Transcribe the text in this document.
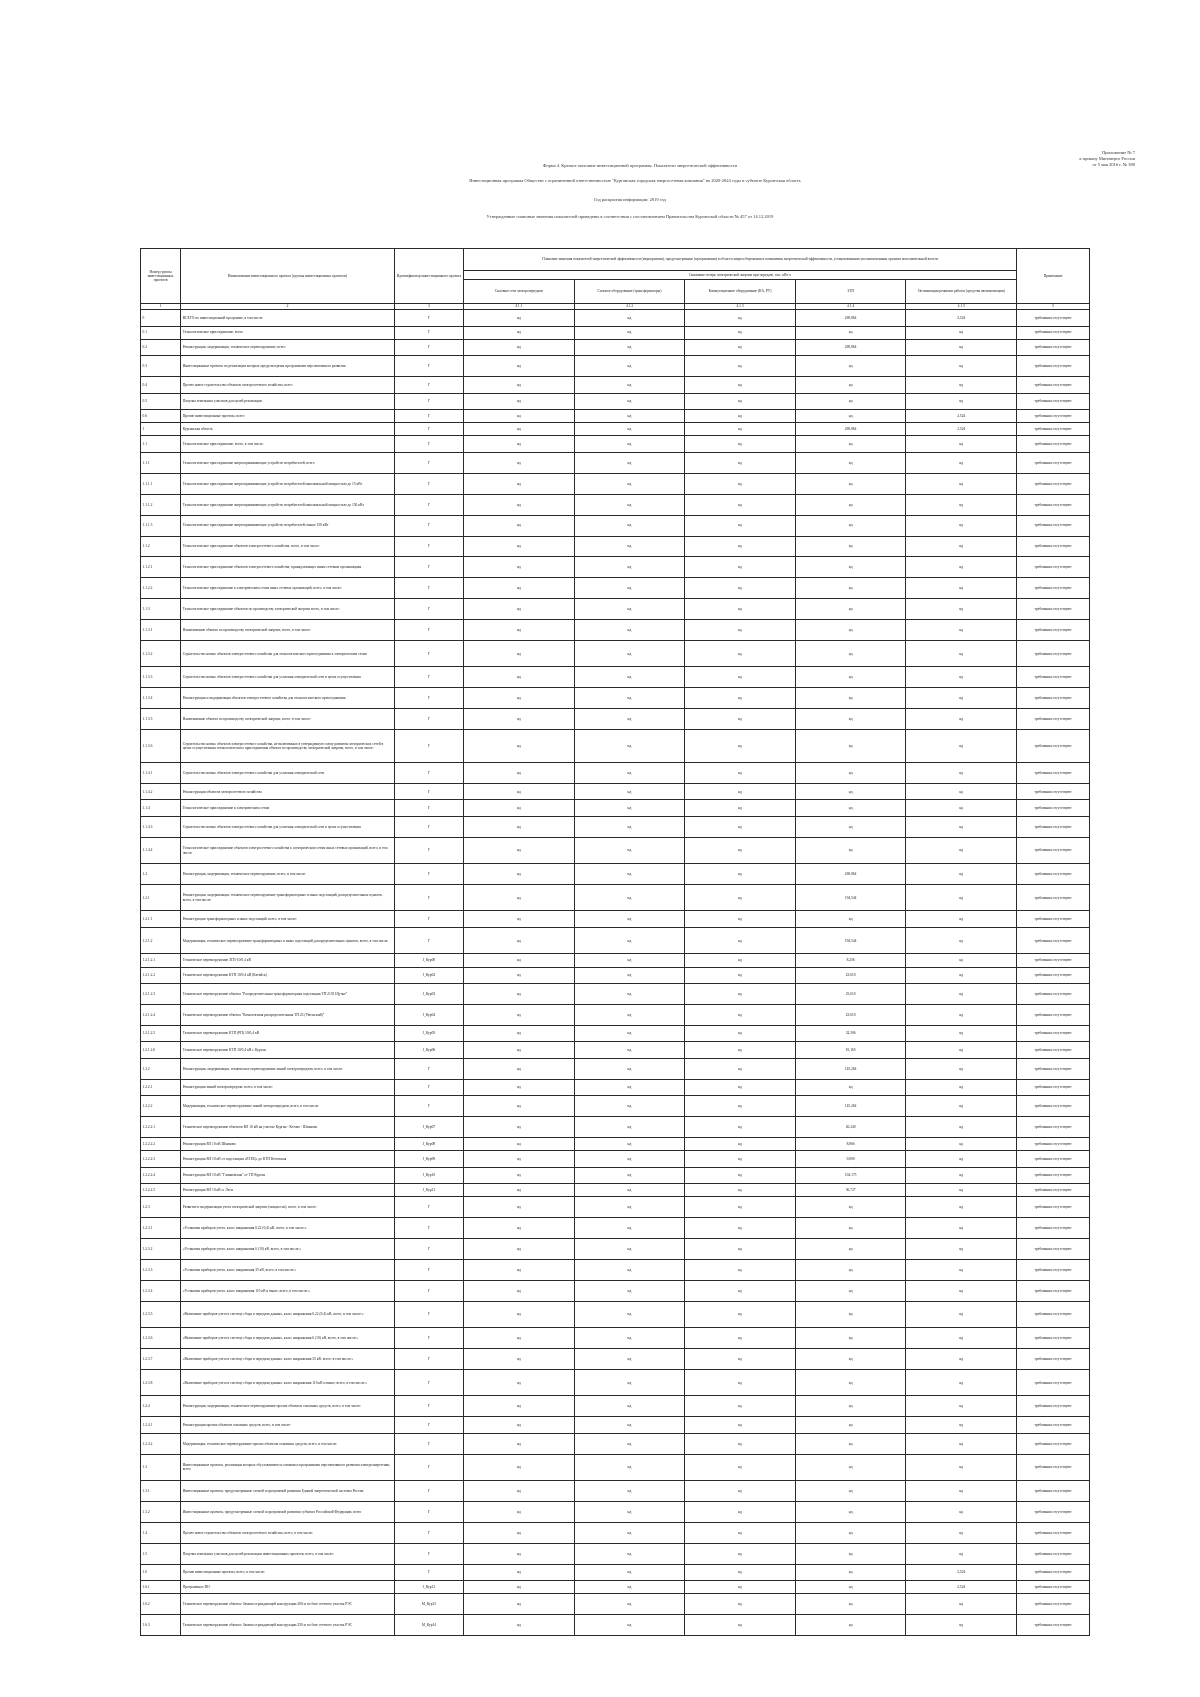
Приложение № 7
к приказу Минэнерго России
от 5 мая 2016 г. № 380
Форма 4. Краткое описание инвестиционной программы. Показатели энергетической эффективности
Инвестиционная программа Общество с ограниченной ответственностью "Курганская городская энергосетевая компания" на 2020-2024 годы в субъекте Курганская область
Год раскрытия информации: 2019 год
Утвержденные плановые значения показателей приведены в соответствии с постановлением Правительства Курганской области № 457 от 14.12.2019
Номер группы инвестиционных проектов	Наименование инвестиционного проекта (группы инвестиционных проектов)	Идентификатор инвестиционного проекта	Плановые значения показателей энергетической эффективности (мероприятия), предусмотренные (программами) в области энергосбережения и повышения энергетической эффективности, установленными уполномоченным органом исполнительной власти					Примечание
			Снижение потерь электрической энергии при передаче, тыс. кВт·ч					
			Силовые сети электропередачи	Силовое оборудование (трансформаторы)	Коммутационное оборудование (КА, РУ)	ЗТП	Оптимизация режимов работы (средства автоматизации)	
1	2	3	4.1.1	4.1.2	4.1.3	4.1.4	4.1.5	5
0	ВСЕГО по инвестиционной программе, в том числе:	Г	нд	нд	нд	269,864	2,524	требования отсутствуют
0.1	Технологическое присоединение, всего	Г	нд	нд	нд	нд	нд	требования отсутствуют
0.2	Реконструкция, модернизация, техническое перевооружение, всего	Г	нд	нд	нд	269,864	нд	требования отсутствуют
0.3	Инвестиционные проекты по реализации которых предусмотрены программами перспективного развития	Г	нд	нд	нд	нд	нд	требования отсутствуют
0.4	Прочее новое строительство объектов электросетевого хозяйства, всего	Г	нд	нд	нд	нд	нд	требования отсутствуют
0.5	Покупка земельных участков для целей реализации	Г	нд	нд	нд	нд	нд	требования отсутствуют
0.6	Прочие инвестиционные проекты, всего	Г	нд	нд	нд	нд	2,524	требования отсутствуют
1	Курганская область	Г	нд	нд	нд	269,864	2,524	требования отсутствуют
1.1	Технологическое присоединение, всего, в том числе:	Г	нд	нд	нд	нд	нд	требования отсутствуют
1.1.1	Технологическое присоединение энергопринимающих устройств потребителей, всего	Г	нд	нд	нд	нд	нд	требования отсутствуют
1.1.1.1	Технологическое присоединение энергопринимающих устройств потребителей максимальной мощностью до 15 кВт	Г	нд	нд	нд	нд	нд	требования отсутствуют
1.1.1.2	Технологическое присоединение энергопринимающих устройств потребителей максимальной мощностью до 150 кВт	Г	нд	нд	нд	нд	нд	требования отсутствуют
1.1.1.3	Технологическое присоединение энергопринимающих устройств потребителей свыше 150 кВт	Г	нд	нд	нд	нд	нд	требования отсутствуют
1.1.2	Технологическое присоединение объектов электросетевого хозяйства, всего, в том числе:	Г	нд	нд	нд	нд	нд	требования отсутствуют
1.1.2.1	Технологическое присоединение объектов электросетевого хозяйства, принадлежащих иным сетевым организациям	Г	нд	нд	нд	нд	нд	требования отсутствуют
1.1.2.2	Технологическое присоединение к электрическим сетям иных сетевых организаций, всего, в том числе:	Г	нд	нд	нд	нд	нд	требования отсутствуют
1.1.3	Технологическое присоединение объектов по производству электрической энергии всего, в том числе:	Г	нд	нд	нд	нд	нд	требования отсутствуют
1.1.3.1	Наименование объекта по производству электрической энергии, всего, в том числе:	Г	нд	нд	нд	нд	нд	требования отсутствуют
1.1.3.2	Строительство новых объектов электросетевого хозяйства для технологического присоединения к электрическим сетям	Г	нд	нд	нд	нд	нд	требования отсутствуют
1.1.3.3	Строительство новых объектов электросетевого хозяйства для усиления электрической сети в целях осуществления	Г	нд	нд	нд	нд	нд	требования отсутствуют
1.1.3.4	Реконструкция и модернизация объектов электросетевого хозяйства для технологического присоединения	Г	нд	нд	нд	нд	нд	требования отсутствуют
1.1.3.5	Наименование объекта по производству электрической энергии, всего, в том числе:	Г	нд	нд	нд	нд	нд	требования отсутствуют
1.1.3.6	Строительство новых объектов электросетевого хозяйства, не включенных в утвержденную схему развития электрических сетей в целях осуществления технологического присоединения объекта по производству электрической энергии, всего, в том числе:	Г	нд	нд	нд	нд	нд	требования отсутствуют
1.1.4.1	Строительство новых объектов электросетевого хозяйства для усиления электрической сети	Г	нд	нд	нд	нд	нд	требования отсутствуют
1.1.4.2	Реконструкция объектов электросетевого хозяйства	Г	нд	нд	нд	нд	нд	требования отсутствуют
1.1.4	Технологическое присоединение к электрическим сетям	Г	нд	нд	нд	нд	нд	требования отсутствуют
1.1.4.3	Строительство новых объектов электросетевого хозяйства для усиления электрической сети в целях осуществления	Г	нд	нд	нд	нд	нд	требования отсутствуют
1.1.4.4	Технологическое присоединение объектов электросетевого хозяйства к электрическим сетям иных сетевых организаций, всего, в том числе:	Г	нд	нд	нд	нд	нд	требования отсутствуют
1.2	Реконструкция, модернизация, техническое перевооружение, всего, в том числе:	Г	нд	нд	нд	269,864	нд	требования отсутствуют
1.2.1	Реконструкция, модернизация, техническое перевооружение трансформаторных и иных подстанций, распределительных пунктов, всего, в том числе:	Г	нд	нд	нд	194,544	нд	требования отсутствуют
1.2.1.1	Реконструкция трансформаторных и иных подстанций, всего, в том числе:	Г	нд	нд	нд	нд	нд	требования отсутствуют
1.2.1.2	Модернизация, техническое перевооружение трансформаторных и иных подстанций, распределительных пунктов, всего, в том числе:	Г	нд	нд	нд	194,544	нд	требования отсутствуют
1.2.1.2.1	Техническое перевооружение ЗТП-10/0,4 кВ	J_Кур00	нд	нд	нд	8,256	нд	требования отсутствуют
1.2.1.2.2	Техническое перевооружение КТП 10/0,4 кВ (Катайск)	J_Кур02	нд	нд	нд	23,610	нд	требования отсутствуют
1.2.1.2.3	Техническое перевооружение объекта "Распределительная трансформаторная подстанция ТП 2135 Щучье"	J_Кур03	нд	нд	нд	25,610	нд	требования отсутствуют
1.2.1.2.4	Техническое перевооружение объекта "Комплектная распределительная ТП 23 (Увельский)"	J_Кур04	нд	нд	нд	23,610	нд	требования отсутствуют
1.2.1.2.5	Техническое перевооружение КТП (РП) 10/0,4 кВ	J_Кур05	нд	нд	нд	32,396	нд	требования отсутствуют
1.2.1.2.6	Техническое перевооружение КТП 10/0,4 кВ г. Курган	J_Кур06	нд	нд	нд	81,165	нд	требования отсутствуют
1.2.2	Реконструкция, модернизация, техническое перевооружение линий электропередачи, всего, в том числе:	Г	нд	нд	нд	145,264	нд	требования отсутствуют
1.2.2.1	Реконструкция линий электропередачи, всего, в том числе:	Г	нд	нд	нд	нд	нд	требования отсутствуют
1.2.2.2	Модернизация, техническое перевооружение линий электропередачи, всего, в том числе:	Г	нд	нд	нд	145,264	нд	требования отсутствуют
1.2.2.2.1	Техническое перевооружение объектов ВЛ 10 кВ на участке Курган - Кетово - Шмаково	J_Кур07	нд	нд	нд	26,240	нд	требования отсутствуют
1.2.2.2.2	Реконструкция ВЛ 10 кВ Шмаково	J_Кур08	нд	нд	нд	8,866	нд	требования отсутствуют
1.2.2.2.3	Реконструкция ВЛ 10 кВ от подстанции «ЕТЕЦ» до КТП Кетовская	J_Кур09	нд	нд	нд	0,000	нд	требования отсутствуют
1.2.2.2.4	Реконструкция ВЛ 10 кВ "Глинковская" от ТП Курган	J_Кур10	нд	нд	нд	104,175	нд	требования отсутствуют
1.2.2.2.5	Реконструкция ВЛ 10 кВ п. Лесн	J_Кур11	нд	нд	нд	36,727	нд	требования отсутствуют
1.2.3	Развитие и модернизация учета электрической энергии (мощности), всего, в том числе:	Г	нд	нд	нд	нд	нд	требования отсутствуют
1.2.3.1	«Установка приборов учета, класс напряжения 0,22 (0,4) кВ, всего, в том числе:»	Г	нд	нд	нд	нд	нд	требования отсутствуют
1.2.3.2	«Установка приборов учета, класс напряжения 6 (10) кВ, всего, в том числе:»	Г	нд	нд	нд	нд	нд	требования отсутствуют
1.2.3.3	«Установка приборов учета, класс напряжения 35 кВ, всего, в том числе:»	Г	нд	нд	нд	нд	нд	требования отсутствуют
1.2.3.4	«Установка приборов учета, класс напряжения 110 кВ и выше, всего, в том числе:»	Г	нд	нд	нд	нд	нд	требования отсутствуют
1.2.3.5	«Включение приборов учета в систему сбора и передачи данных, класс напряжения 0,22 (0,4) кВ, всего, в том числе:»	Г	нд	нд	нд	нд	нд	требования отсутствуют
1.2.3.6	«Включение приборов учета в систему сбора и передачи данных, класс напряжения 6 (10) кВ, всего, в том числе:»	Г	нд	нд	нд	нд	нд	требования отсутствуют
1.2.3.7	«Включение приборов учета в систему сбора и передачи данных, класс напряжения 35 кВ, всего, в том числе:»	Г	нд	нд	нд	нд	нд	требования отсутствуют
1.2.3.8	«Включение приборов учета в систему сбора и передачи данных, класс напряжения 110 кВ и выше, всего, в том числе:»	Г	нд	нд	нд	нд	нд	требования отсутствуют
1.2.4	Реконструкция, модернизация, техническое перевооружение прочих объектов основных средств, всего, в том числе:	Г	нд	нд	нд	нд	нд	требования отсутствуют
1.2.4.1	Реконструкция прочих объектов основных средств, всего, в том числе:	Г	нд	нд	нд	нд	нд	требования отсутствуют
1.2.4.2	Модернизация, техническое перевооружение прочих объектов основных средств, всего, в том числе:	Г	нд	нд	нд	нд	нд	требования отсутствуют
1.3	Инвестиционные проекты, реализация которых обуславливается схемами и программами перспективного развития электроэнергетики, всего	Г	нд	нд	нд	нд	нд	требования отсутствуют
1.3.1	Инвестиционные проекты, предусмотренные схемой и программой развития Единой энергетической системы России	Г	нд	нд	нд	нд	нд	требования отсутствуют
1.3.2	Инвестиционные проекты, предусмотренные схемой и программой развития субъекта Российской Федерации, всего	Г	нд	нд	нд	нд	нд	требования отсутствуют
1.4	Прочее новое строительство объектов электросетевого хозяйства, всего, в том числе:	Г	нд	нд	нд	нд	нд	требования отсутствуют
1.5	Покупка земельных участков для целей реализации инвестиционных проектов, всего, в том числе:	Г	нд	нд	нд	нд	нд	требования отсутствуют
1.6	Прочие инвестиционные проекты, всего, в том числе:	Г	нд	нд	нд	нд	2,524	требования отсутствуют
1.6.1	Программное ПО	J_Кур12	нд	нд	нд	нд	2,524	требования отсутствуют
1.6.2	Техническое перевооружение объекта: Замена ограждающей конструкции 200 м по базе сетевого участка РЭС	M_Кур13	нд	нд	нд	нд	нд	требования отсутствуют
1.6.3	Техническое перевооружение объекта: Замена ограждающей конструкции 250 м по базе сетевого участка РЭС	M_Кур14	нд	нд	нд	нд	нд	требования отсутствуют
